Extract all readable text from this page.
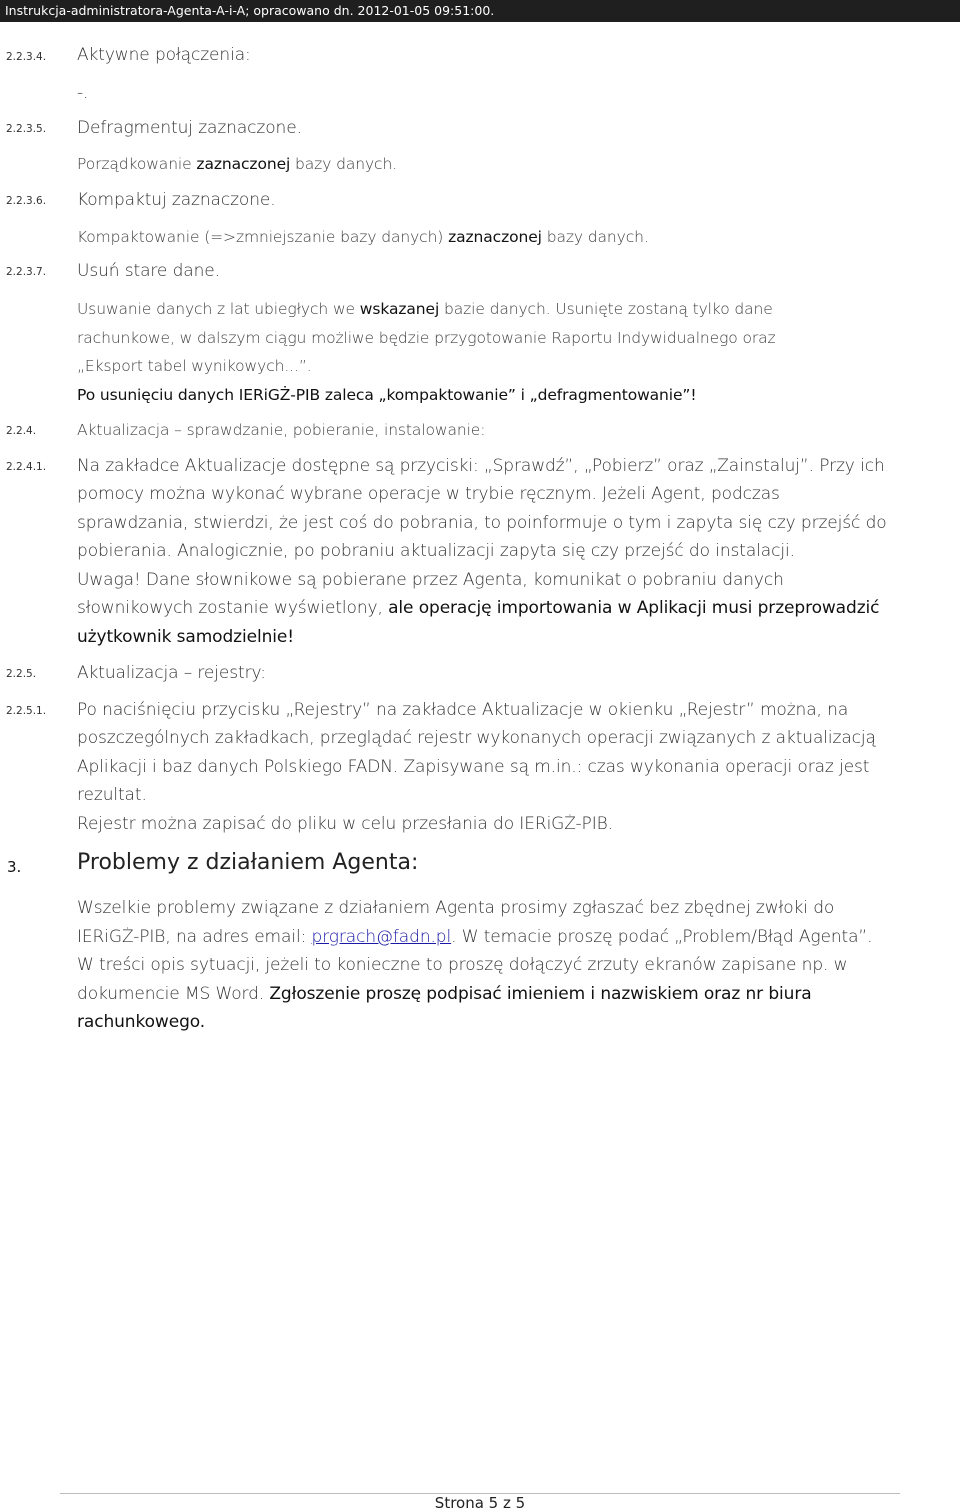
Instrukcja-administratora-Agenta-A-i-A; opracowano dn. 2012-01-05 09:51:00.
2.2.3.4. Aktywne połączenia:
-.
2.2.3.5. Defragmentuj zaznaczone.
Porządkowanie zaznaczonej bazy danych.
2.2.3.6. Kompaktuj zaznaczone.
Kompaktowanie (=>zmniejszanie bazy danych) zaznaczonej bazy danych.
2.2.3.7. Usuń stare dane.
Usuwanie danych z lat ubiegłych we wskazanej bazie danych. Usunięte zostaną tylko dane
rachunkowe, w dalszym ciągu możliwe będzie przygotowanie Raportu Indywidualnego oraz
„Eksport tabel wynikowych...”.
Po usunięciu danych IERiGŻ-PIB zaleca „kompaktowanie” i „defragmentowanie”!
2.2.4.	Aktualizacja – sprawdzanie, pobieranie, instalowanie:
2.2.4.1. Na zakładce Aktualizacje dostępne są przyciski: „Sprawdź”, „Pobierz” oraz „Zainstaluj”. Przy ich
pomocy można wykonać wybrane operacje w trybie ręcznym. Jeżeli Agent, podczas
sprawdzania, stwierdzi, że jest coś do pobrania, to poinformuje o tym i zapyta się czy przejść do
pobierania. Analogicznie, po pobraniu aktualizacji zapyta się czy przejść do instalacji.
Uwaga! Dane słownikowe są pobierane przez Agenta, komunikat o pobraniu danych
słownikowych zostanie wyświetlony, ale operację importowania w Aplikacji musi przeprowadzić
użytkownik samodzielnie!
2.2.5. Aktualizacja – rejestry:
2.2.5.1. Po naciśnięciu przycisku „Rejestry” na zakładce Aktualizacje w okienku „Rejestr” można, na
poszczególnych zakładkach, przeglądać rejestr wykonanych operacji związanych z aktualizacją
Aplikacji i baz danych Polskiego FADN. Zapisywane są m.in.: czas wykonania operacji oraz jest
rezultat.
Rejestr można zapisać do pliku w celu przesłania do IERiGŻ-PIB.
3.	Problemy z działaniem Agenta:
Wszelkie problemy związane z działaniem Agenta prosimy zgłaszać bez zbędnej zwłoki do
IERiGŻ-PIB, na adres email: prgrach@fadn.pl. W temacie proszę podać „Problem/Błąd Agenta”.
W treści opis sytuacji, jeżeli to konieczne to proszę dołączyć zrzuty ekranów zapisane np. w
dokumencie MS Word. Zgłoszenie proszę podpisać imieniem i nazwiskiem oraz nr biura
rachunkowego.
Strona 5 z 5
